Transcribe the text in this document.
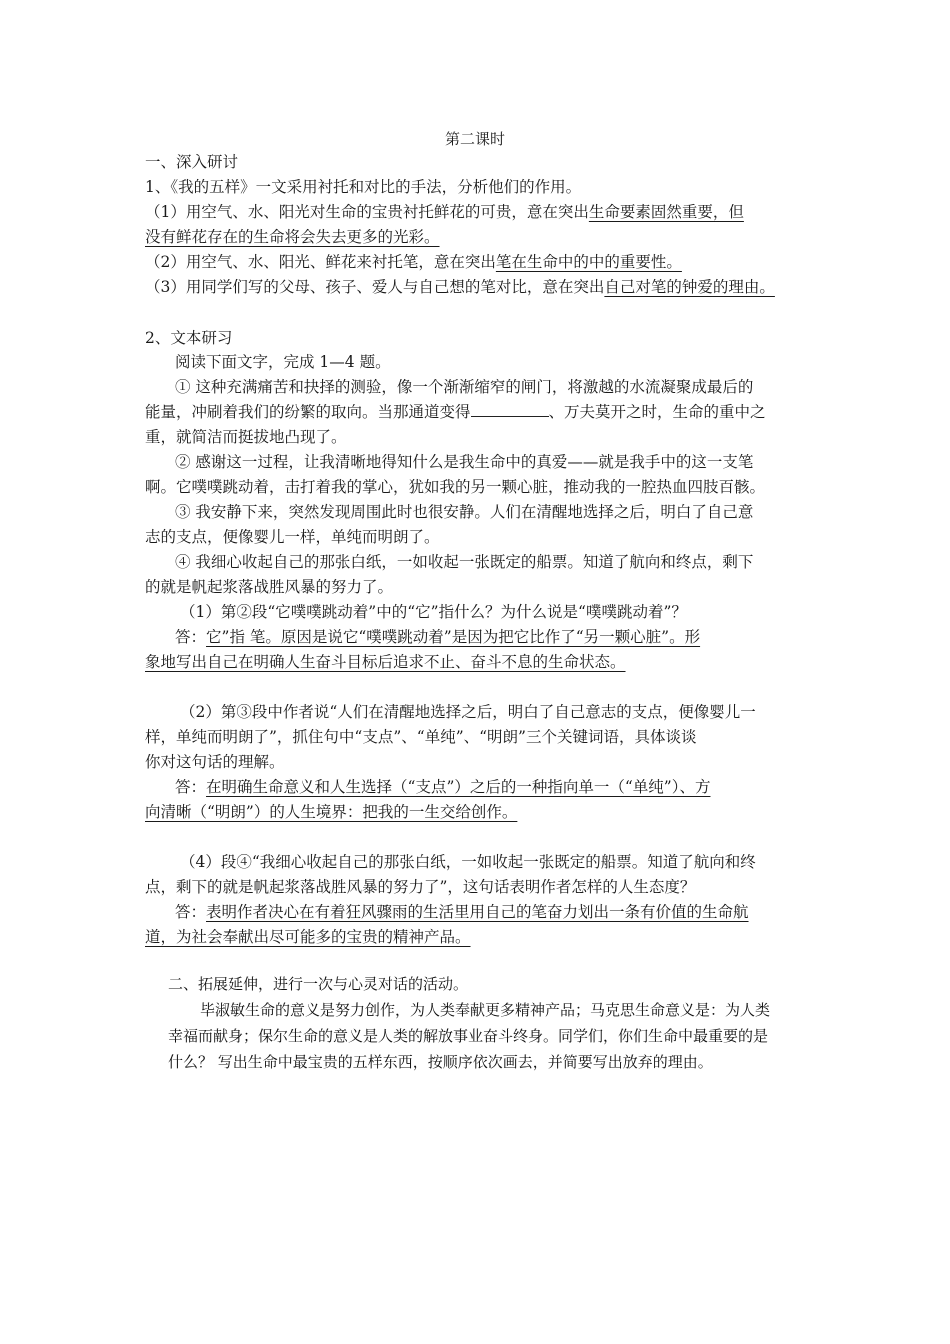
第二课时
一、深入研讨
1、《我的五样》一文采用衬托和对比的手法，分析他们的作用。
（1）用空气、水、阳光对生命的宝贵衬托鲜花的可贵，意在突出生命要素固然重要，但
没有鲜花存在的生命将会失去更多的光彩。
（2）用空气、水、阳光、鲜花来衬托笔，意在突出笔在生命中的中的重要性。
（3）用同学们写的父母、孩子、爱人与自己想的笔对比，意在突出自己对笔的钟爱的理由。
2、文本研习
阅读下面文字，完成 1—4 题。
① 这种充满痛苦和抉择的测验，像一个渐渐缩窄的闸门，将激越的水流凝聚成最后的
能量，冲刷着我们的纷繁的取向。当那通道变得	、万夫莫开之时，生命的重中之
重，就简洁而挺拔地凸现了。
② 感谢这一过程，让我清晰地得知什么是我生命中的真爱——就是我手中的这一支笔
啊。它噗噗跳动着，击打着我的掌心，犹如我的另一颗心脏，推动我的一腔热血四肢百骸。
③ 我安静下来，突然发现周围此时也很安静。人们在清醒地选择之后，明白了自己意
志的支点，便像婴儿一样，单纯而明朗了。
④ 我细心收起自己的那张白纸，一如收起一张既定的船票。知道了航向和终点，剩下
的就是帆起浆落战胜风暴的努力了。
（1）第②段“它噗噗跳动着”中的“它”指什么？为什么说是“噗噗跳动着”？
答：它”指 笔。原因是说它“噗噗跳动着”是因为把它比作了“另一颗心脏”。形
象地写出自己在明确人生奋斗目标后追求不止、奋斗不息的生命状态。
（2）第③段中作者说“人们在清醒地选择之后，明白了自己意志的支点，便像婴儿一
样，单纯而明朗了”，抓住句中“支点”、“单纯”、“明朗”三个关键词语，具体谈谈
你对这句话的理解。
答：在明确生命意义和人生选择（“支点”）之后的一种指向单一（“单纯”）、方
向清晰（“明朗”）的人生境界：把我的一生交给创作。
（4）段④“我细心收起自己的那张白纸，一如收起一张既定的船票。知道了航向和终
点，剩下的就是帆起浆落战胜风暴的努力了”，这句话表明作者怎样的人生态度？
答：表明作者决心在有着狂风骤雨的生活里用自己的笔奋力划出一条有价值的生命航
道，为社会奉献出尽可能多的宝贵的精神产品。
二、拓展延伸，进行一次与心灵对话的活动。
毕淑敏生命的意义是努力创作，为人类奉献更多精神产品；马克思生命意义是：为人类
幸福而献身；保尔生命的意义是人类的解放事业奋斗终身。同学们，你们生命中最重要的是
什么？ 写出生命中最宝贵的五样东西，按顺序依次画去，并简要写出放弃的理由。
